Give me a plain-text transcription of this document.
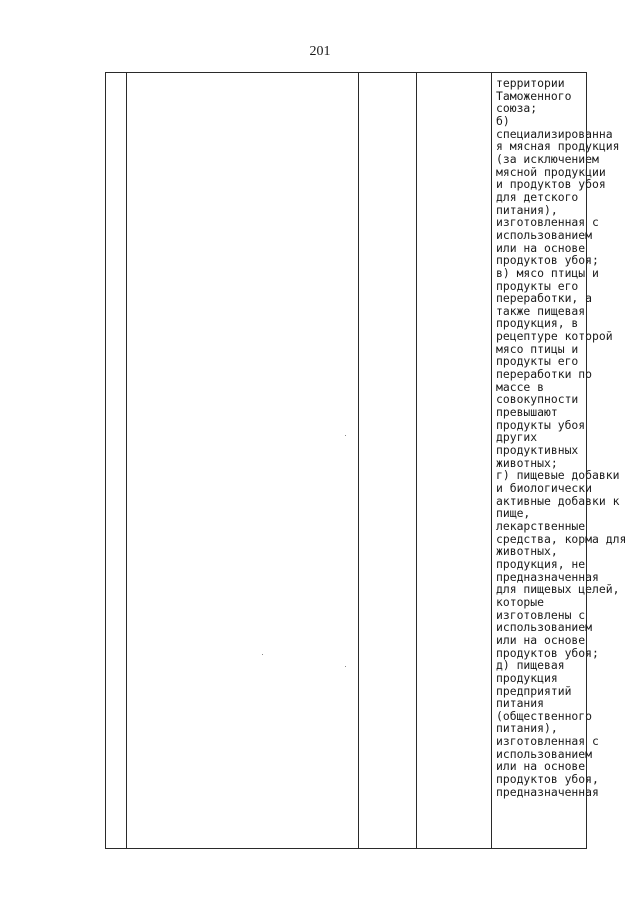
201
территории
Таможенного
союза;
б)
специализированна
я мясная продукция
(за исключением
мясной продукции
и продуктов убоя
для детского
питания),
изготовленная с
использованием
или на основе
продуктов убоя;
в) мясо птицы и
продукты его
переработки, а
также пищевая
продукция, в
рецептуре которой
мясо птицы и
продукты его
переработки по
массе в
совокупности
превышают
продукты убоя
других
продуктивных
животных;
г) пищевые добавки
и биологически
активные добавки к
пище,
лекарственные
средства, корма для
животных,
продукция, не
предназначенная
для пищевых целей,
которые
изготовлены с
использованием
или на основе
продуктов убоя;
д) пищевая
продукция
предприятий
питания
(общественного
питания),
изготовленная с
использованием
или на основе
продуктов убоя,
предназначенная
